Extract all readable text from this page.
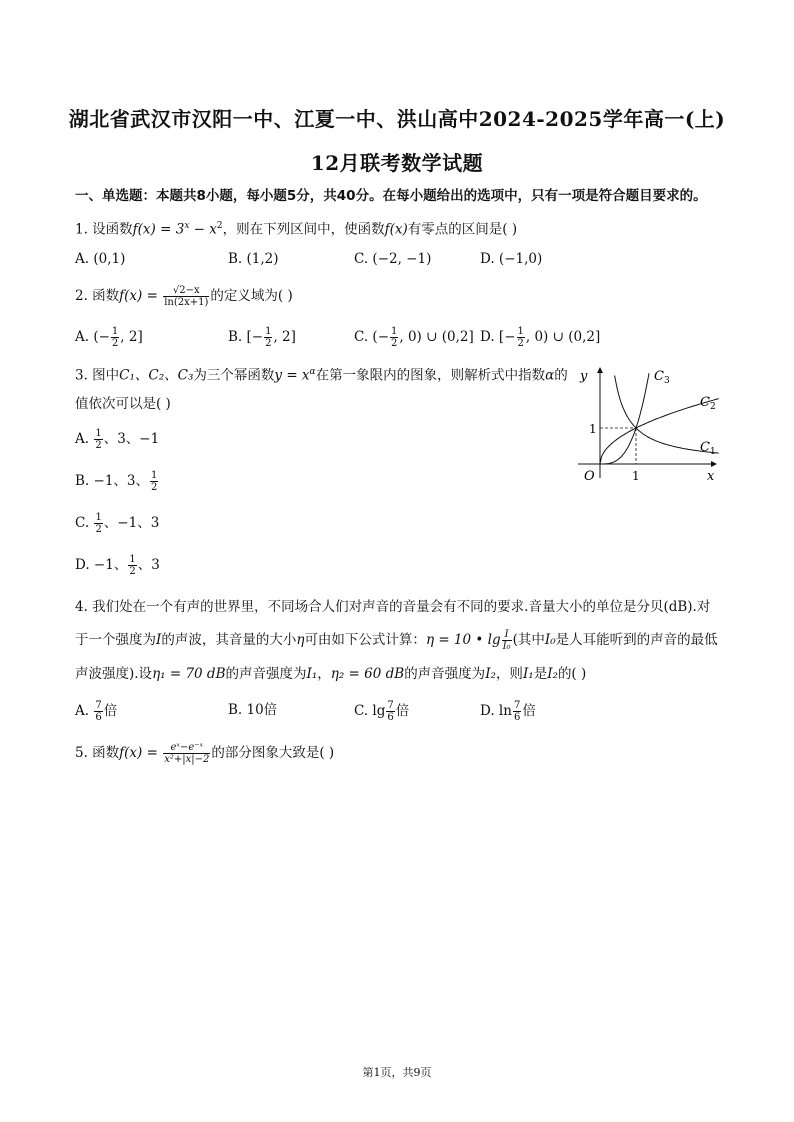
湖北省武汉市汉阳一中、江夏一中、洪山高中2024-2025学年高一(上)
12月联考数学试题
一、单选题：本题共8小题，每小题5分，共40分。在每小题给出的选项中，只有一项是符合题目要求的。
1. 设函数$f(x) = 3^x - x^2$，则在下列区间中，使函数f(x)有零点的区间是( )
A. (0,1)	B. (1,2)	C. (−2, −1)	D. (−1,0)
2. 函数$f(x) = \frac{√2-x}{\ln(2x+1)}$ 的定义域为( )
A. (− $\frac{1}{2}$ , 2]	B. [− $\frac{1}{2}$ , 2]	C. (− $\frac{1}{2}$ , 0) ∪ (0,2] D. [− $\frac{1}{2}$ , 0) ∪ (0,2]
3. 图中C₁、C₂、C₃为三个幂函数$y = x^\alpha$在第一象限内的图象，则解析式中指数α的
值依次可以是( )
A. $\frac{1}{2}$ 、3、−1
B. −1、3、 $\frac{1}{2}$
C. $\frac{1}{2}$ 、−1、3
D. −1、 $\frac{1}{2}$ 、3
y
x
O	1
1
$C_3$
$C_2$
$C_1$
4. 我们处在一个有声的世界里，不同场合人们对声音的音量会有不同的要求.音量大小的单位是分贝(dB).对
于一个强度为I的声波，其音量的大小η可由如下公式计算：η = 10 • $\lg \frac{I}{\text{I₀}}$ (其中I₀是人耳能听到的声音的最低
声波强度).设η₁ = 70 dB的声音强度为I₁，η₂ = 60 dB的声音强度为I₂，则I₁是I₂的( )
A. $\frac{7}{6}$ 倍	B. 10倍	C. $\lg \frac{7}{6}$ 倍	D. $\ln \frac{7}{6}$ 倍
5. 函数$f(x) = \frac{\text{eˣ−e⁻ˣ}}{\text{x²+|x|−2}}$ 的部分图象大致是( )
第1页，共9页
